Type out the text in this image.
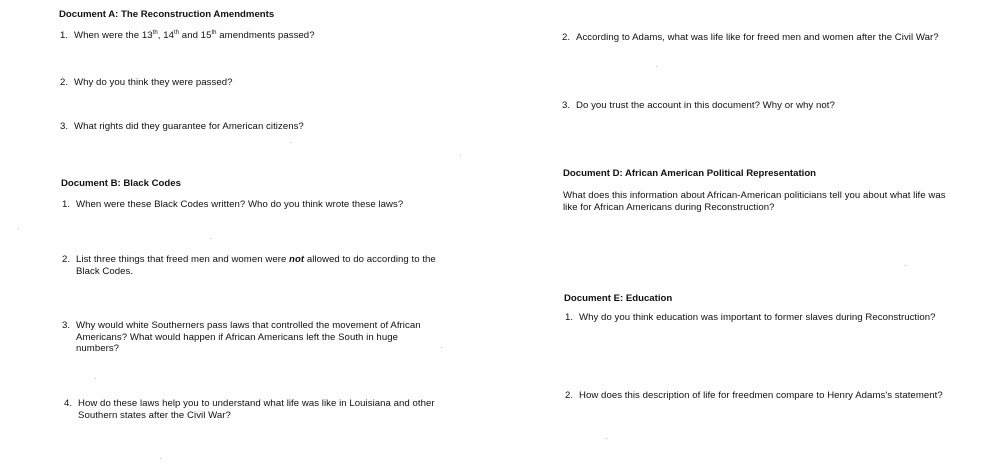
Document A: The Reconstruction Amendments
1. When were the 13th, 14th and 15th amendments passed?
2. Why do you think they were passed?
3. What rights did they guarantee for American citizens?
Document B: Black Codes
1. When were these Black Codes written? Who do you think wrote these laws?
2. List three things that freed men and women were not allowed to do according to the
Black Codes.
3. Why would white Southerners pass laws that controlled the movement of African
Americans? What would happen if African Americans left the South in huge
numbers?
4. How do these laws help you to understand what life was like in Louisiana and other
Southern states after the Civil War?
2. According to Adams, what was life like for freed men and women after the Civil War?
3. Do you trust the account in this document? Why or why not?
Document D: African American Political Representation
What does this information about African-American politicians tell you about what life was
like for African Americans during Reconstruction?
Document E: Education
1. Why do you think education was important to former slaves during Reconstruction?
2. How does this description of life for freedmen compare to Henry Adams's statement?
